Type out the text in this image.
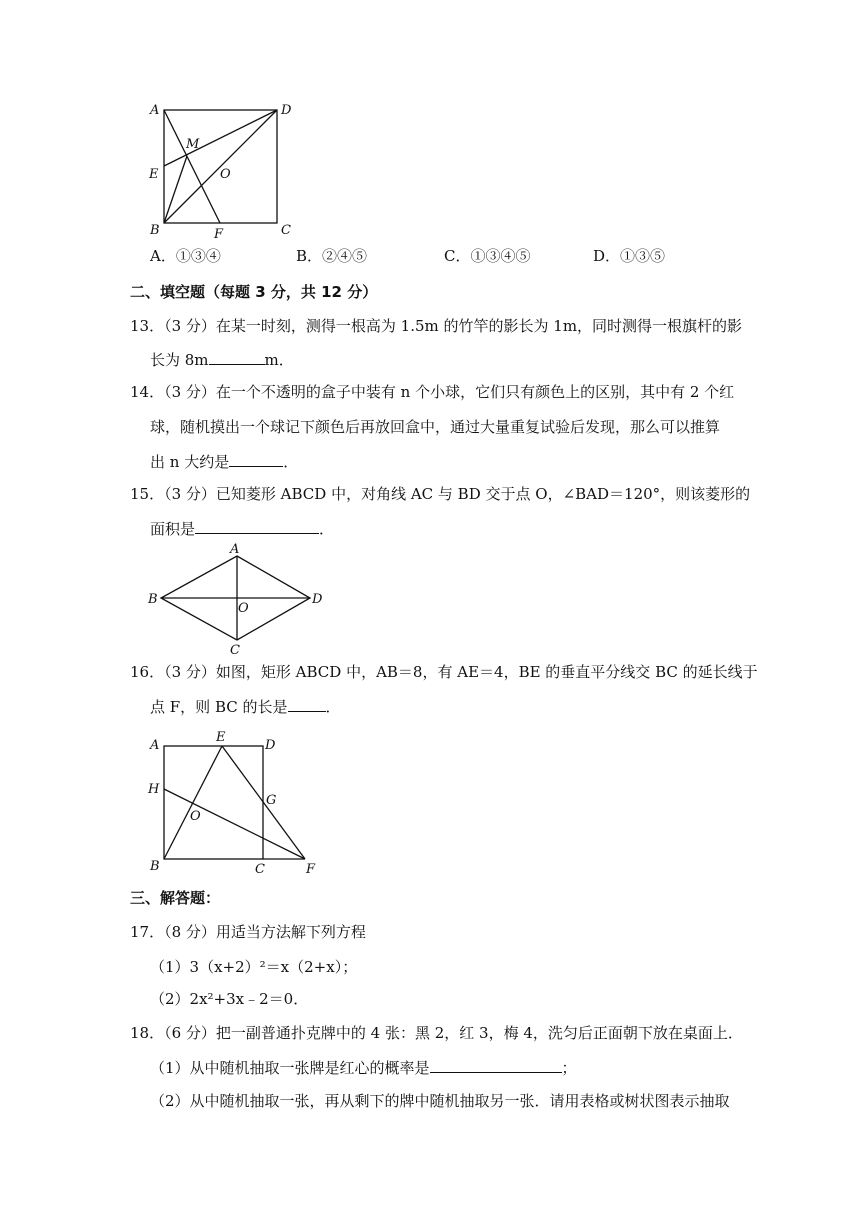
A	D
M
E	O
B	F	C
A．①③④	B．②④⑤	C．①③④⑤	D．①③⑤
二、填空题（每题 3 分，共 12 分）
13．（3 分）在某一时刻，测得一根高为 1.5m 的竹竿的影长为 1m，同时测得一根旗杆的影
长为 8m	m．
14．（3 分）在一个不透明的盒子中装有 n 个小球，它们只有颜色上的区别，其中有 2 个红
球，随机摸出一个球记下颜色后再放回盒中，通过大量重复试验后发现，那么可以推算
出 n 大约是	．
15．（3 分）已知菱形 ABCD 中，对角线 AC 与 BD 交于点 O，∠BAD＝120°，则该菱形的
面积是	．
A
B
O
D
C
16．（3 分）如图，矩形 ABCD 中，AB＝8，有 AE＝4，BE 的垂直平分线交 BC 的延长线于
点 F，则 BC 的长是	．
A
E
D
H
G
O
B	C	F
三、解答题：
17．（8 分）用适当方法解下列方程
（1）3（x+2）²＝x（2+x）；
（2）2x²+3x﹣2＝0．
18．（6 分）把一副普通扑克牌中的 4 张：黑 2，红 3，梅 4，洗匀后正面朝下放在桌面上．
（1）从中随机抽取一张牌是红心的概率是	；
（2）从中随机抽取一张，再从剩下的牌中随机抽取另一张．请用表格或树状图表示抽取
